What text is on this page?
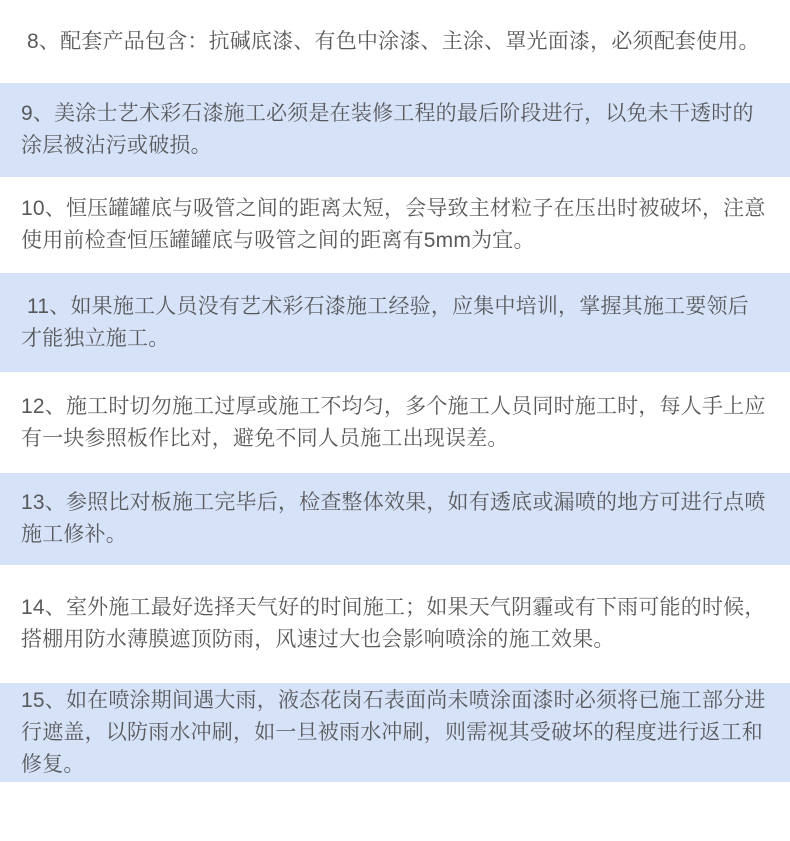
8、配套产品包含：抗碱底漆、有色中涂漆、主涂、罩光面漆，必须配套使用。

9、美涂士艺术彩石漆施工必须是在装修工程的最后阶段进行，以免未干透时的涂层被沾污或破损。

10、恒压罐罐底与吸管之间的距离太短，会导致主材粒子在压出时被破坏，注意使用前检查恒压罐罐底与吸管之间的距离有5mm为宜。

11、如果施工人员没有艺术彩石漆施工经验，应集中培训，掌握其施工要领后才能独立施工。

12、施工时切勿施工过厚或施工不均匀，多个施工人员同时施工时，每人手上应有一块参照板作比对，避免不同人员施工出现误差。

13、参照比对板施工完毕后，检查整体效果，如有透底或漏喷的地方可进行点喷施工修补。

14、室外施工最好选择天气好的时间施工；如果天气阴霾或有下雨可能的时候，搭棚用防水薄膜遮顶防雨，风速过大也会影响喷涂的施工效果。

15、如在喷涂期间遇大雨，液态花岗石表面尚未喷涂面漆时必须将已施工部分进行遮盖，以防雨水冲刷，如一旦被雨水冲刷，则需视其受破坏的程度进行返工和修复。
